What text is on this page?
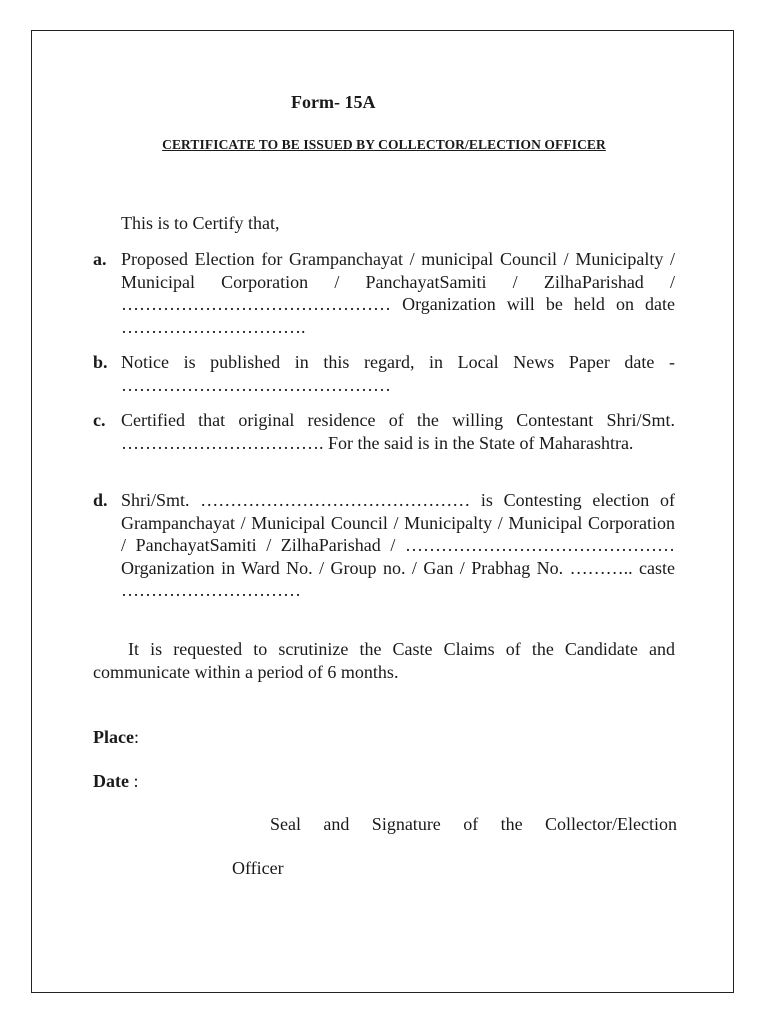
Form- 15A
CERTIFICATE TO BE ISSUED BY COLLECTOR/ELECTION OFFICER
This is to Certify that,
a. Proposed Election for Grampanchayat / municipal Council / Municipalty / Municipal Corporation / PanchayatSamiti / ZilhaParishad / ……………………………………… Organization will be held on date ………………………….
b. Notice is published in this regard, in Local News Paper date - ………………………………………
c. Certified that original residence of the willing Contestant Shri/Smt. ……………………………. For the said is in the State of Maharashtra.
d. Shri/Smt. ……………………………………… is Contesting election of Grampanchayat / Municipal Council / Municipalty / Municipal Corporation / PanchayatSamiti / ZilhaParishad / ……………………………………… Organization in Ward No. / Group no. / Gan / Prabhag No. ……….. caste …………………………
It is requested to scrutinize the Caste Claims of the Candidate and communicate within a period of 6 months.
Place:
Date :
Seal and Signature of the Collector/Election
Officer
